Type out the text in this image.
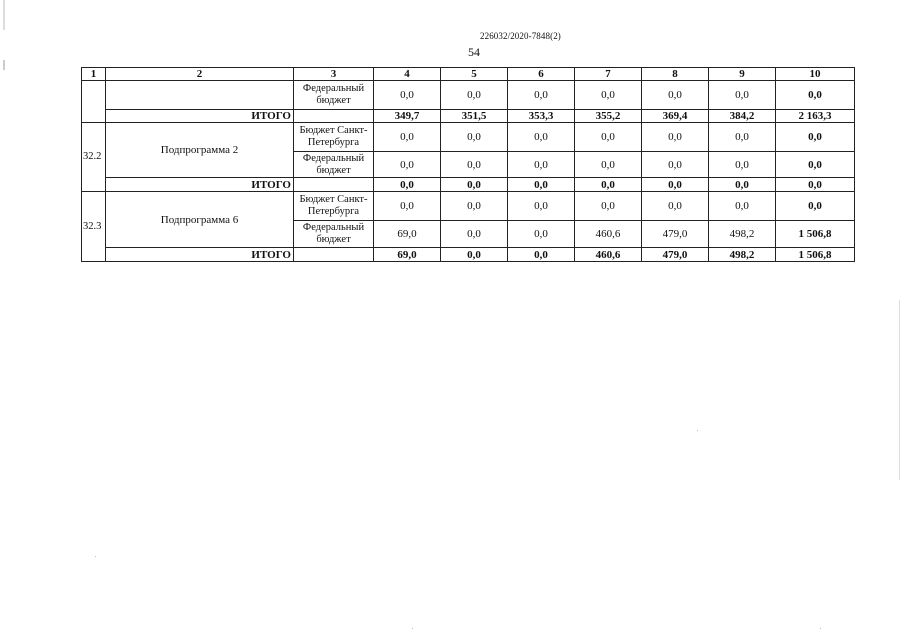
226032/2020-7848(2)
54
1	2	3	4	5	6	7	8	9	10
		Федеральный бюджет	0,0	0,0	0,0	0,0	0,0	0,0	0,0
	ИТОГО		349,7	351,5	353,3	355,2	369,4	384,2	2 163,3
32.2	Подпрограмма 2	Бюджет Санкт-Петербурга	0,0	0,0	0,0	0,0	0,0	0,0	0,0
		Федеральный бюджет	0,0	0,0	0,0	0,0	0,0	0,0	0,0
	ИТОГО		0,0	0,0	0,0	0,0	0,0	0,0	0,0
32.3	Подпрограмма 6	Бюджет Санкт-Петербурга	0,0	0,0	0,0	0,0	0,0	0,0	0,0
		Федеральный бюджет	69,0	0,0	0,0	460,6	479,0	498,2	1 506,8
	ИТОГО		69,0	0,0	0,0	460,6	479,0	498,2	1 506,8
